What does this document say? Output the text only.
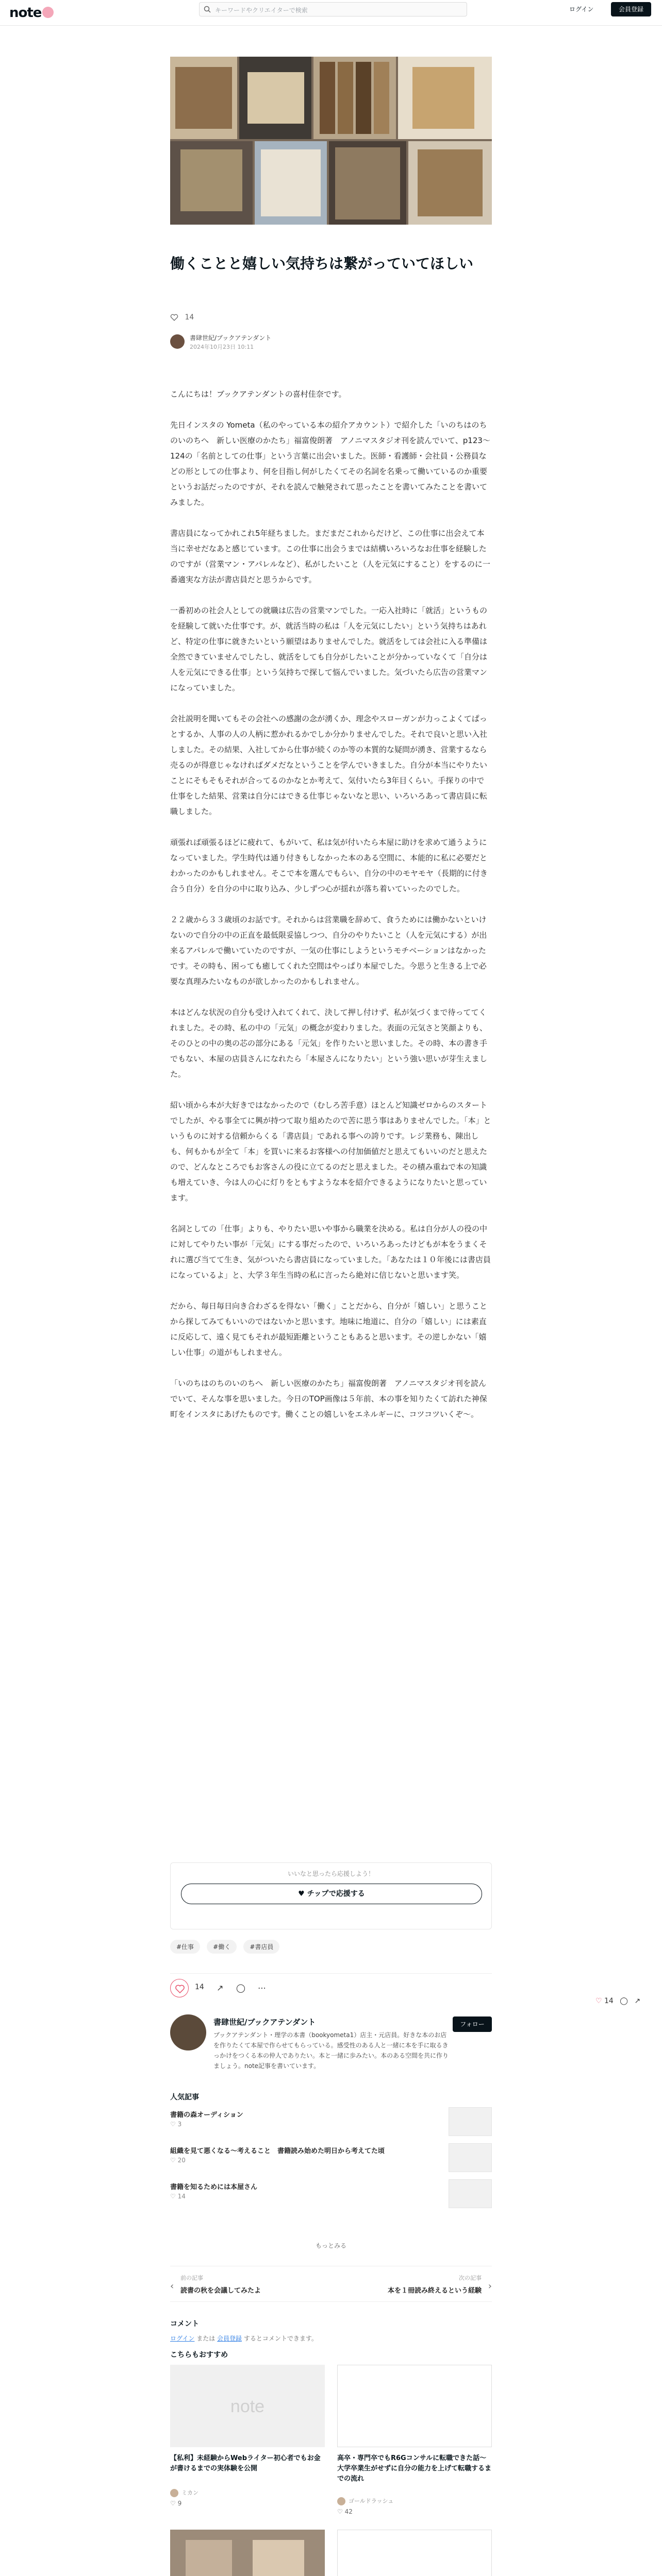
note	キーワードやクリエイターで検索	ログイン	会員登録
働くことと嬉しい気持ちは繋がっていてほしい
14
書肆世紀/ブックアテンダント
2024年10月23日 10:11

こんにちは！ブックアテンダントの喜村佳奈です。

先日インスタの Yometa（私のやっている本の紹介アカウント）で紹介した「いのちはのちのいのちへ　新しい医療のかたち」福富俊朗著　アノニマスタジオ刊を読んでいて、p123〜124の「名前としての仕事」という言葉に出会いました。医師・看護師・会社員・公務員などの形としての仕事より、何を目指し何がしたくてその名詞を名乗って働いているのか重要というお話だったのですが、それを読んで触発されて思ったことを書いてみたことを書いてみました。

書店員になってかれこれ5年経ちました。まだまだこれからだけど、この仕事に出会えて本当に幸せだなあと感じています。この仕事に出会うまでは結構いろいろなお仕事を経験したのですが（営業マン・アパレルなど）、私がしたいこと（人を元気にすること）をするのに一番適実な方法が書店員だと思うからです。

一番初めの社会人としての就職は広告の営業マンでした。一応入社時に「就活」というものを経験して就いた仕事です。が、就活当時の私は「人を元気にしたい」という気持ちはあれど、特定の仕事に就きたいという願望はありませんでした。就活をしては会社に入る準備は全然できていませんでしたし、就活をしても自分がしたいことが分かっていなくて「自分は人を元気にできる仕事」という気持ちで探して悩んでいました。気づいたら広告の営業マンになっていました。

会社説明を聞いてもその会社への感謝の念が湧くか、理念やスローガンが力っこよくてぱっとするか、人事の人の人柄に惹かれるかでしか分かりませんでした。それで良いと思い入社しました。その結果、入社してから仕事が続くのか等の本質的な疑問が湧き、営業するなら売るのが得意じゃなければダメだなということを学んでいきました。自分が本当にやりたいことにそもそもそれが合ってるのかなとか考えて、気付いたら3年目くらい。手探りの中で仕事をした結果、営業は自分にはできる仕事じゃないなと思い、いろいろあって書店員に転職しました。

頑張れば頑張るほどに疲れて、もがいて、私は気が付いたら本屋に助けを求めて通うようになっていました。学生時代は通り付きもしなかった本のある空間に、本能的に私に必要だとわかったのかもしれません。そこで本を選んでもらい、自分の中のモヤモヤ（長期的に付き合う自分）を自分の中に取り込み、少しずつ心が揺れが落ち着いていったのでした。

２２歳から３３歳頃のお話です。それからは営業職を辞めて、食うためには働かないといけないので自分の中の正直を最低限妥協しつつ、自分のやりたいこと（人を元気にする）が出来るアパレルで働いていたのですが、一気の仕事にしようというモチベーションはなかったです。その時も、困っても癒してくれた空間はやっぱり本屋でした。今思うと生きる上で必要な真理みたいなものが欲しかったのかもしれません。

本はどんな状況の自分も受け入れてくれて、決して押し付けず、私が気づくまで待っててくれました。その時、私の中の「元気」の概念が変わりました。表面の元気さと笑顔よりも、そのひとの中の奥の芯の部分にある「元気」を作りたいと思いました。その時、本の書き手でもない、本屋の店員さんになれたら「本屋さんになりたい」という強い思いが芽生えました。

紹い頃から本が大好きではなかったので（むしろ苦手意）ほとんど知識ゼロからのスタートでしたが、やる事全てに興が持つて取り組めたので苦に思う事はありませんでした。「本」というものに対する信頼からくる「書店員」であれる事への誇りです。レジ業務も、陳出しも、何もかもが全て「本」を買いに来るお客様への付加価値だと思えてもいいのだと思えたので、どんなところでもお客さんの役に立てるのだと思えました。その積み重ねで本の知識も増えていき、今は人の心に灯りをともすような本を紹介できるようになりたいと思っています。

名詞としての「仕事」よりも、やりたい思いや事から職業を決める。私は自分が人の役の中に対してやりたい事が「元気」にする事だったので、いろいろあったけどもが本をうまくそれに選び当てて生き、気がついたら書店員になっていました。「あなたは１０年後には書店員になっているよ」と、大学３年生当時の私に言ったら絶対に信じないと思います笑。

だから、毎日毎日向き合わざるを得ない「働く」ことだから、自分が「嬉しい」と思うことから探してみてもいいのではないかと思います。地味に地道に、自分の「嬉しい」には素直に反応して、遠く見てもそれが最短距離ということもあると思います。その逆しかない「嬉しい仕事」の道がもしれません。

「いのちはのちのいのちへ　新しい医療のかたち」福富俊朗著　アノニマスタジオ刊を読んでいて、そんな事を思いました。今日のTOP画像は５年前、本の事を知りたくて訪れた神保町をインスタにあげたものです。働くことの嬉しいをエネルギーに、コツコツいくぞ〜。

いいなと思ったら応援しよう！
♥ チップで応援する
#仕事	#働く	#書店員
14 ↗ ◯ ⋯
♡ 14 ◯ ↗
書肆世紀/ブックアテンダント
ブックアテンダント・理学の本書（bookyometa1）店主・元店員。好きな本のお店を作りたくて本屋で作らせてもらっている。感受性のある人と一緒に本を手に取るきっかけをつくる本の仲人でありたい。本と一緒に歩みたい。本のある空間を共に作りましょう。note記事を書いています。
フォロー
人気記事
書籍の森オーディション
♡ 3
組織を見て悪くなる〜考えること　書籍読み始めた明日から考えてた頃
♡ 20
書籍を知るためには本屋さん
♡ 14
もっとみる
‹
前の記事
読書の秋を会議してみたよ
次の記事
本を１冊読み終えるという経験 ›
コメント
ログイン または 会員登録 するとコメントできます。
こちらもおすすめ
note
【私利】未経験からWebライター初心者でもお金が書けるまでの実体験を公開
ミカン
♡ 9
高卒・専門卒でもR6Gコンサルに転職できた話〜大学卒業生がせずに自分の能力を上げて転職するまでの流れ
ゴールドラッシュ
♡ 42
